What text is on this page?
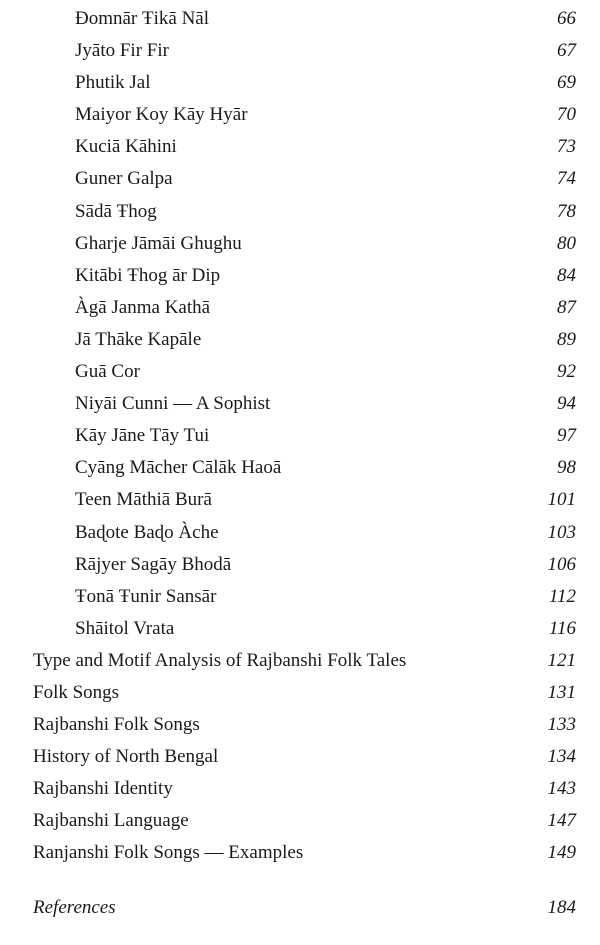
Ɖomnār Ŧikā Nāl	66
Jyāto Fir Fir	67
Phutik Jal	69
Maiyor Koy Kāy Hyār	70
Kuciā Kāhini	73
Guner Galpa	74
Sādā Ŧhog	78
Gharje Jāmāi Ghughu	80
Kitābi Ŧhog ār Dip	84
Àgā Janma Kathā	87
Jā Thāke Kapāle	89
Guā Cor	92
Niyāi Cunni — A Sophist	94
Kāy Jāne Tāy Tui	97
Cyāng Mācher Cālāk Haoā	98
Teen Māthiā Burā	101
Baɖote Baɖo Àche	103
Rājyer Sagāy Bhodā	106
Ŧonā Ŧunir Sansār	112
Shāitol Vrata	116
Type and Motif Analysis of Rajbanshi Folk Tales	121
Folk Songs	131
Rajbanshi Folk Songs	133
History of North Bengal	134
Rajbanshi Identity	143
Rajbanshi Language	147
Ranjanshi Folk Songs — Examples	149
References	184
